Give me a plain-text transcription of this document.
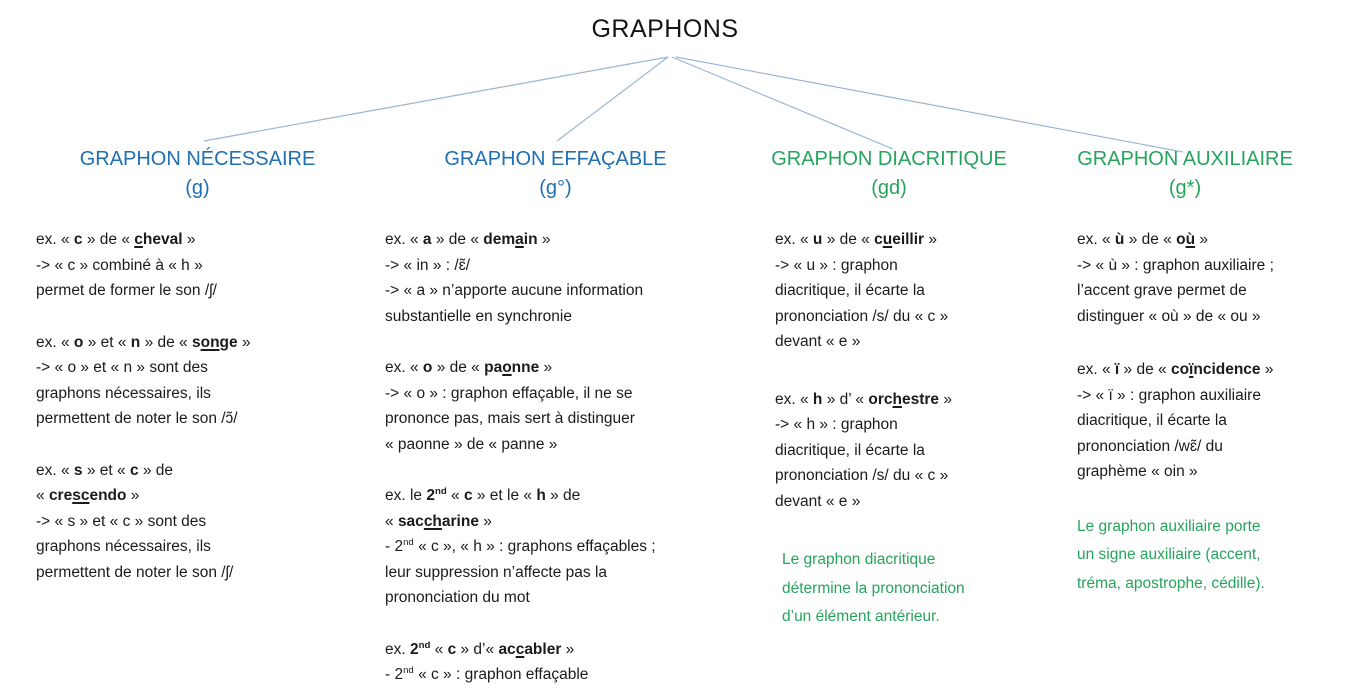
GRAPHONS
GRAPHON NÉCESSAIRE
(g)
ex. « c » de « cheval »
-> « c » combiné à « h »
permet de former le son /ʃ/
ex. « o » et « n » de « songe »
-> « o » et « n » sont des
graphons nécessaires, ils
permettent de noter le son /ɔ̃/
ex. « s » et « c » de
« crescendo »
-> « s » et « c » sont des
graphons nécessaires, ils
permettent de noter le son /ʃ/
GRAPHON EFFAÇABLE
(g°)
ex. « a » de « demain »
-> « in » : /ɛ̃/
-> « a » n’apporte aucune information
substantielle en synchronie
ex. « o » de « paonne »
-> « o » : graphon effaçable, il ne se
prononce pas, mais sert à distinguer
« paonne » de « panne »
ex. le 2nd « c » et le « h » de
« saccharine »
- 2nd « c », « h » : graphons effaçables ;
leur suppression n’affecte pas la
prononciation du mot
ex. 2nd « c » d’« accabler »
- 2nd « c » : graphon effaçable
GRAPHON DIACRITIQUE
(gd)
ex. « u » de « cueillir »
-> « u » : graphon
diacritique, il écarte la
prononciation /s/ du « c »
devant « e »
ex. « h » d’ « orchestre »
-> « h » : graphon
diacritique, il écarte la
prononciation /s/ du « c »
devant « e »
Le graphon diacritique
détermine la prononciation
d’un élément antérieur.
GRAPHON AUXILIAIRE
(g*)
ex. « ù » de « où »
-> « ù » : graphon auxiliaire ;
l’accent grave permet de
distinguer « où » de « ou »
ex. « ï » de « coïncidence »
-> « ï » : graphon auxiliaire
diacritique, il écarte la
prononciation /wɛ̃/ du
graphème « oin »
Le graphon auxiliaire porte
un signe auxiliaire (accent,
tréma, apostrophe, cédille).
